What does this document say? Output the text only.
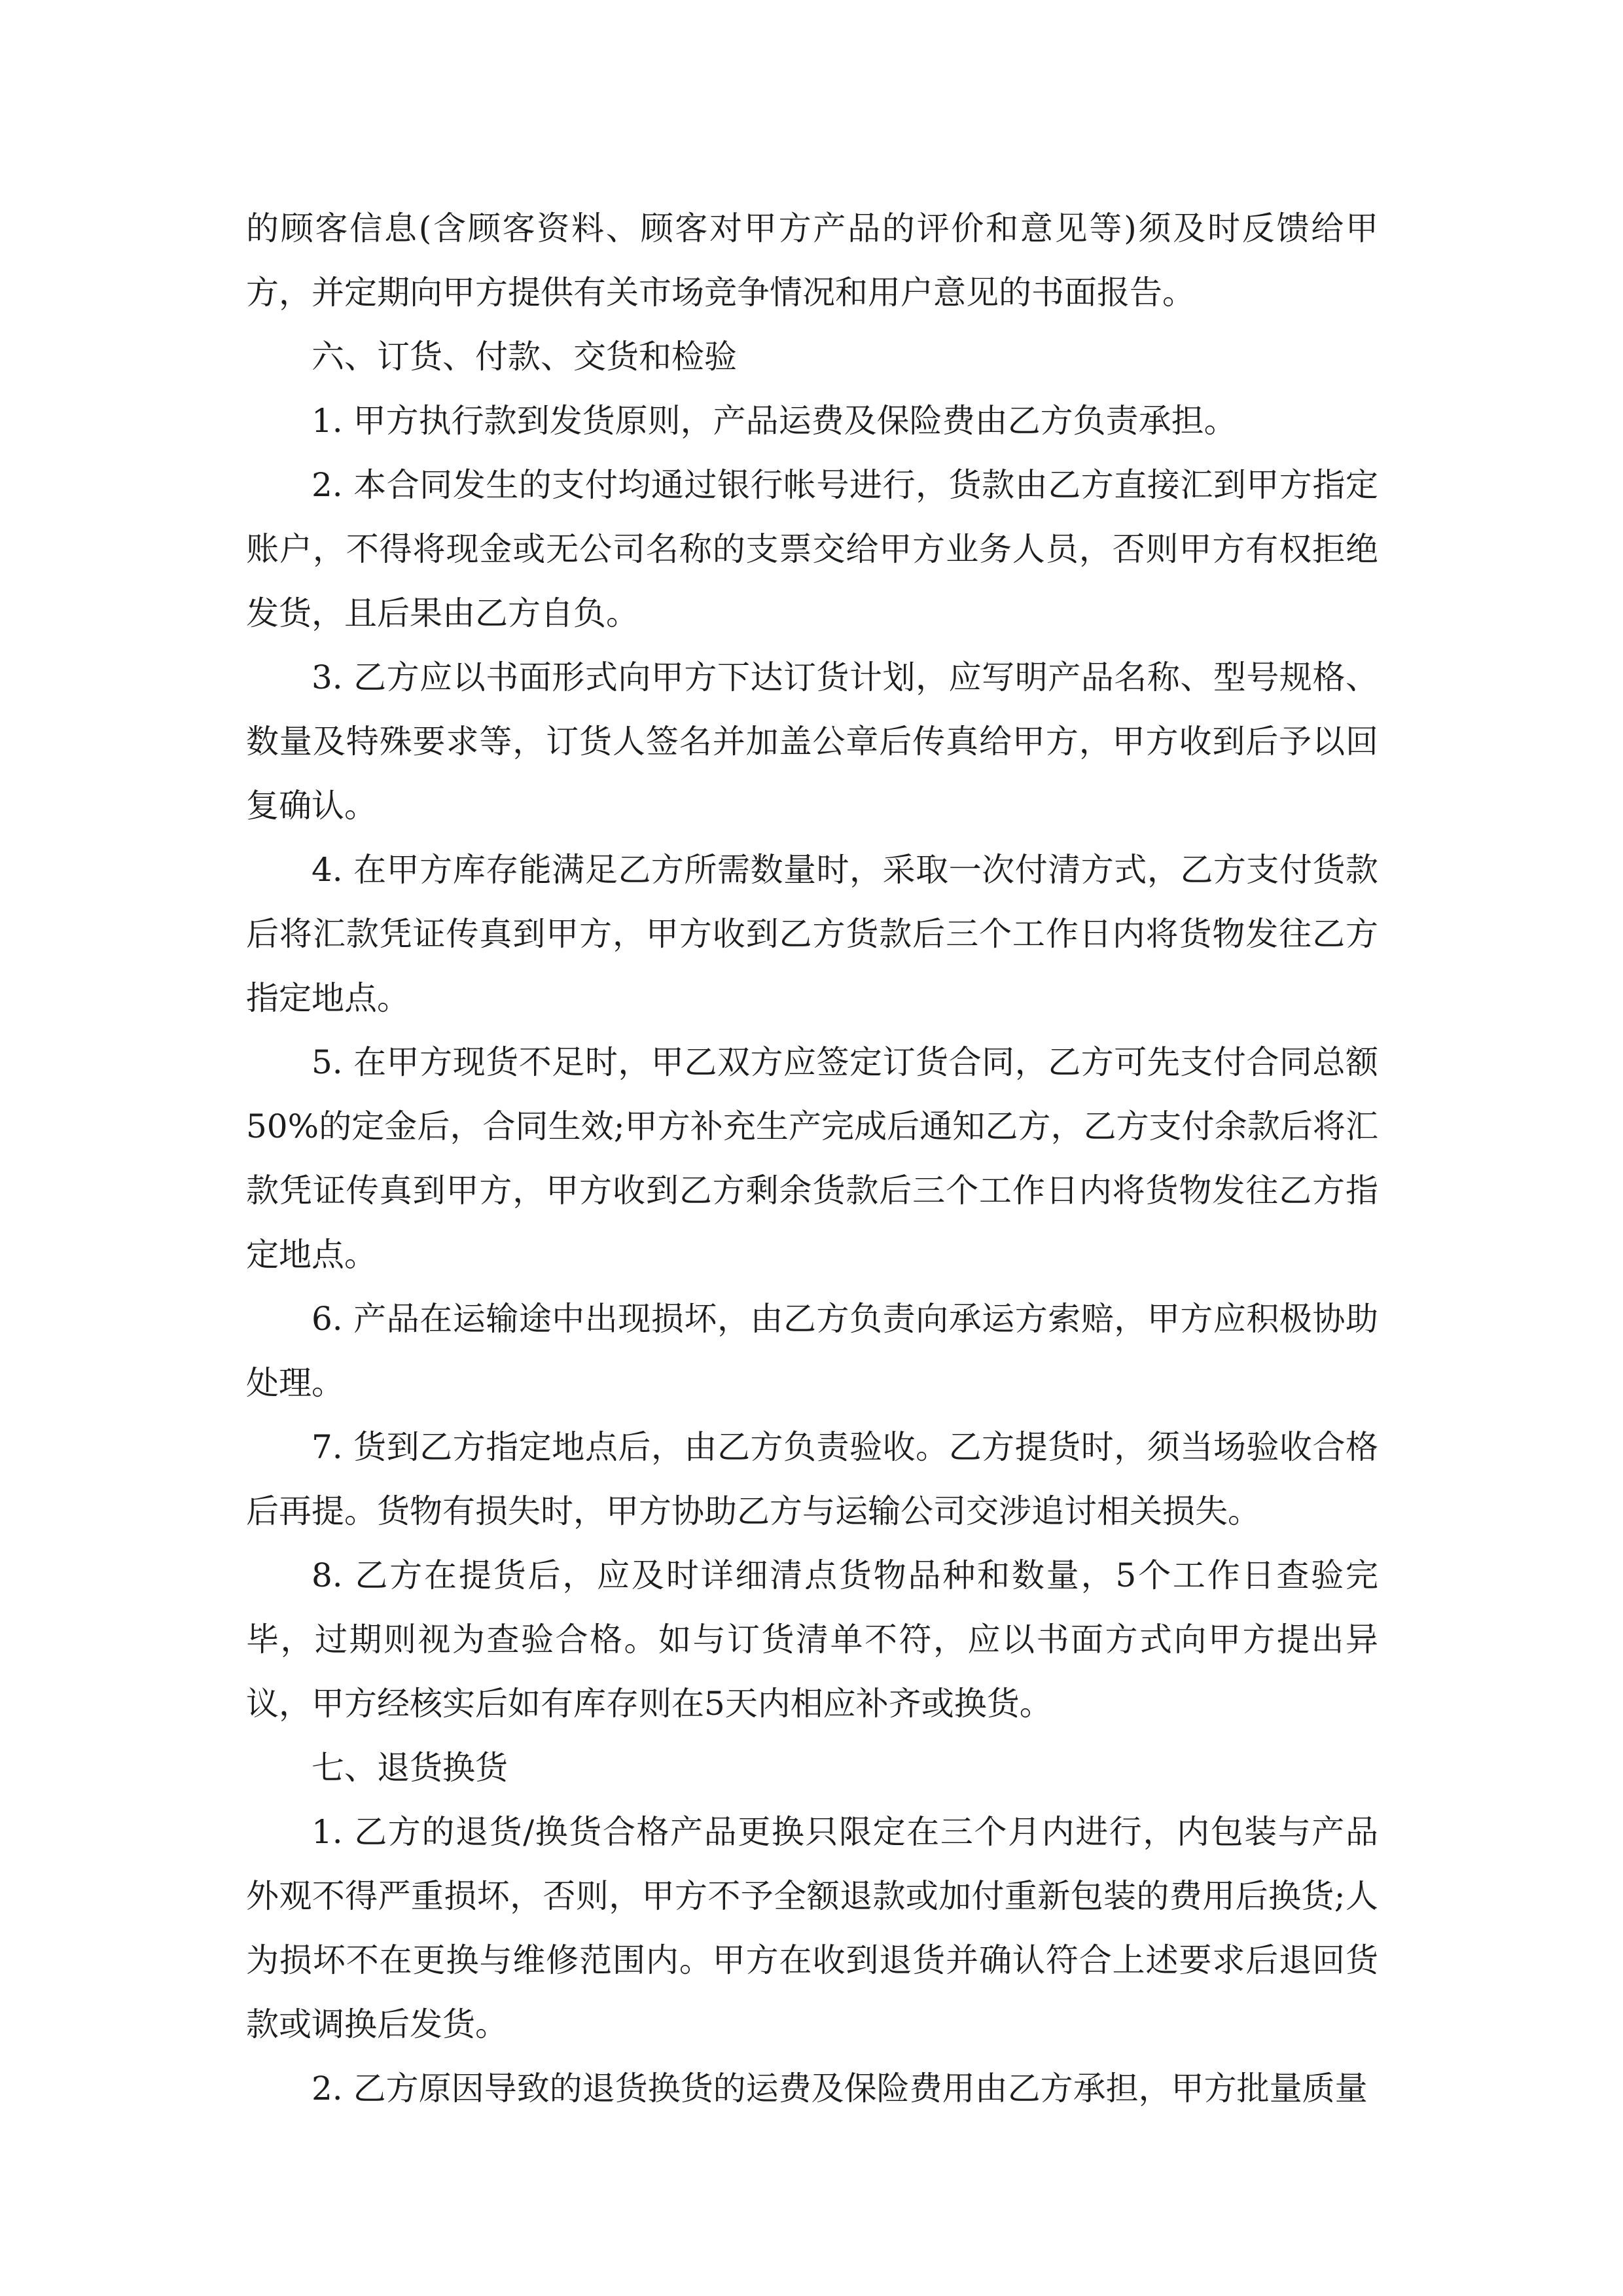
的顾客信息(含顾客资料、顾客对甲方产品的评价和意见等)须及时反馈给甲方，并定期向甲方提供有关市场竞争情况和用户意见的书面报告。

六、订货、付款、交货和检验

1. 甲方执行款到发货原则，产品运费及保险费由乙方负责承担。

2. 本合同发生的支付均通过银行帐号进行，货款由乙方直接汇到甲方指定账户，不得将现金或无公司名称的支票交给甲方业务人员，否则甲方有权拒绝发货，且后果由乙方自负。

3. 乙方应以书面形式向甲方下达订货计划，应写明产品名称、型号规格、数量及特殊要求等，订货人签名并加盖公章后传真给甲方，甲方收到后予以回复确认。

4. 在甲方库存能满足乙方所需数量时，采取一次付清方式，乙方支付货款后将汇款凭证传真到甲方，甲方收到乙方货款后三个工作日内将货物发往乙方指定地点。

5. 在甲方现货不足时，甲乙双方应签定订货合同，乙方可先支付合同总额50%的定金后，合同生效;甲方补充生产完成后通知乙方，乙方支付余款后将汇款凭证传真到甲方，甲方收到乙方剩余货款后三个工作日内将货物发往乙方指定地点。

6. 产品在运输途中出现损坏，由乙方负责向承运方索赔，甲方应积极协助处理。

7. 货到乙方指定地点后，由乙方负责验收。乙方提货时，须当场验收合格后再提。货物有损失时，甲方协助乙方与运输公司交涉追讨相关损失。

8. 乙方在提货后，应及时详细清点货物品种和数量，5个工作日查验完毕，过期则视为查验合格。如与订货清单不符，应以书面方式向甲方提出异议，甲方经核实后如有库存则在5天内相应补齐或换货。

七、退货换货

1. 乙方的退货/换货合格产品更换只限定在三个月内进行，内包装与产品外观不得严重损坏，否则，甲方不予全额退款或加付重新包装的费用后换货;人为损坏不在更换与维修范围内。甲方在收到退货并确认符合上述要求后退回货款或调换后发货。

2. 乙方原因导致的退货换货的运费及保险费用由乙方承担，甲方批量质量
